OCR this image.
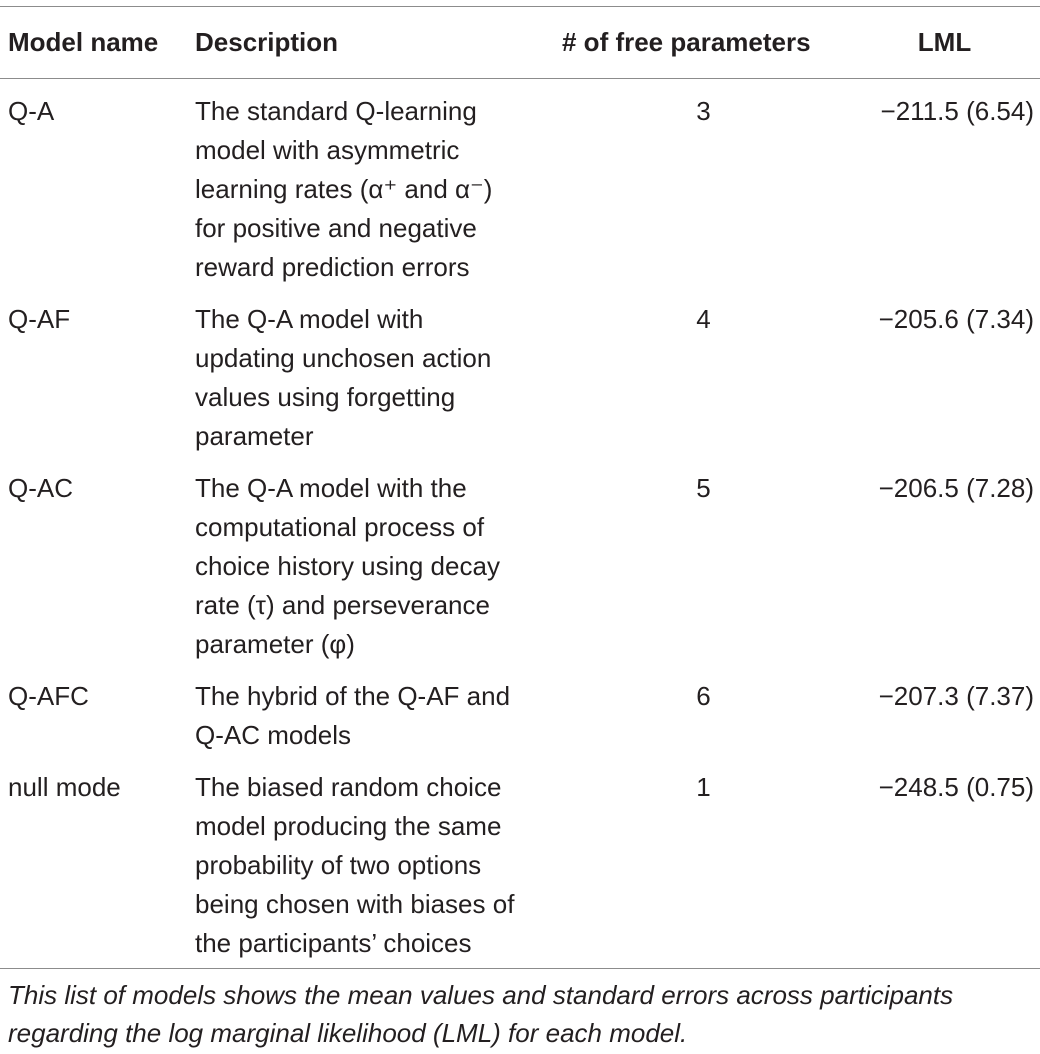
Model name	Description	# of free parameters	LML
Q-A	The standard Q-learning
model with asymmetric
learning rates (α⁺ and α⁻)
for positive and negative
reward prediction errors	3	−211.5 (6.54)
Q-AF	The Q-A model with
updating unchosen action
values using forgetting
parameter	4	−205.6 (7.34)
Q-AC	The Q-A model with the
computational process of
choice history using decay
rate (τ) and perseverance
parameter (φ)	5	−206.5 (7.28)
Q-AFC	The hybrid of the Q-AF and
Q-AC models	6	−207.3 (7.37)
null mode	The biased random choice
model producing the same
probability of two options
being chosen with biases of
the participants’ choices	1	−248.5 (0.75)
This list of models shows the mean values and standard errors across participants
regarding the log marginal likelihood (LML) for each model.
